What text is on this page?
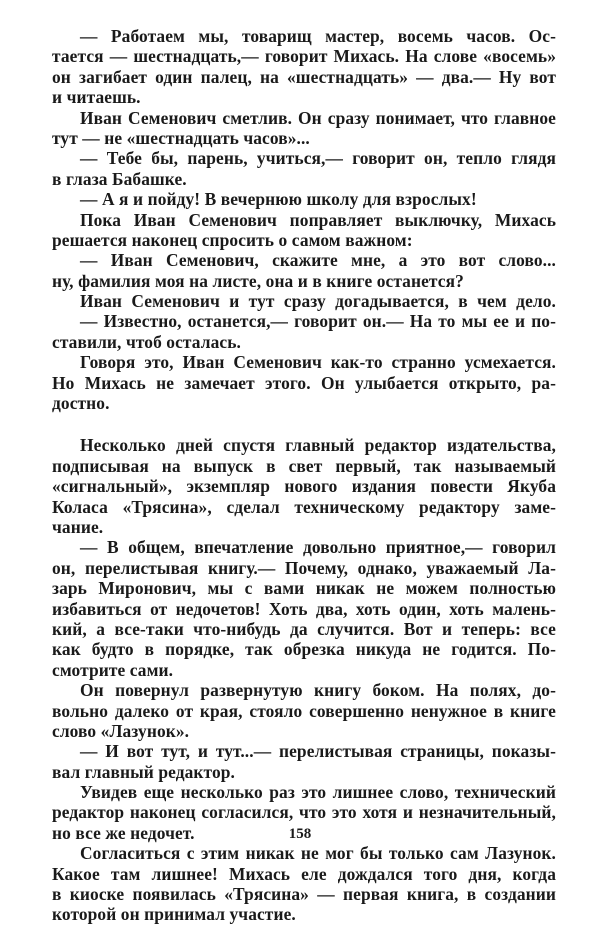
— Работаем мы, товарищ мастер, восемь часов. Ос-
тается — шестнадцать,— говорит Михась. На слове «восемь»
он загибает один палец, на «шестнадцать» — два.— Ну вот
и читаешь.
Иван Семенович сметлив. Он сразу понимает, что главное
тут — не «шестнадцать часов»...
— Тебе бы, парень, учиться,— говорит он, тепло глядя
в глаза Бабашке.
— А я и пойду! В вечернюю школу для взрослых!
Пока Иван Семенович поправляет выключку, Михась
решается наконец спросить о самом важном:
— Иван Семенович, скажите мне, а это вот слово...
ну, фамилия моя на листе, она и в книге останется?
Иван Семенович и тут сразу догадывается, в чем дело.
— Известно, останется,— говорит он.— На то мы ее и по-
ставили, чтоб осталась.
Говоря это, Иван Семенович как-то странно усмехается.
Но Михась не замечает этого. Он улыбается открыто, ра-
достно.
Несколько дней спустя главный редактор издательства,
подписывая на выпуск в свет первый, так называемый
«сигнальный», экземпляр нового издания повести Якуба
Коласа «Трясина», сделал техническому редактору заме-
чание.
— В общем, впечатление довольно приятное,— говорил
он, перелистывая книгу.— Почему, однако, уважаемый Ла-
зарь Миронович, мы с вами никак не можем полностью
избавиться от недочетов! Хоть два, хоть один, хоть малень-
кий, а все-таки что-нибудь да случится. Вот и теперь: все
как будто в порядке, так обрезка никуда не годится. По-
смотрите сами.
Он повернул развернутую книгу боком. На полях, до-
вольно далеко от края, стояло совершенно ненужное в книге
слово «Лазунок».
— И вот тут, и тут...— перелистывая страницы, показы-
вал главный редактор.
Увидев еще несколько раз это лишнее слово, технический
редактор наконец согласился, что это хотя и незначительный,
но все же недочет.
Согласиться с этим никак не мог бы только сам Лазунок.
Какое там лишнее! Михась еле дождался того дня, когда
в киоске появилась «Трясина» — первая книга, в создании
которой он принимал участие.
158
